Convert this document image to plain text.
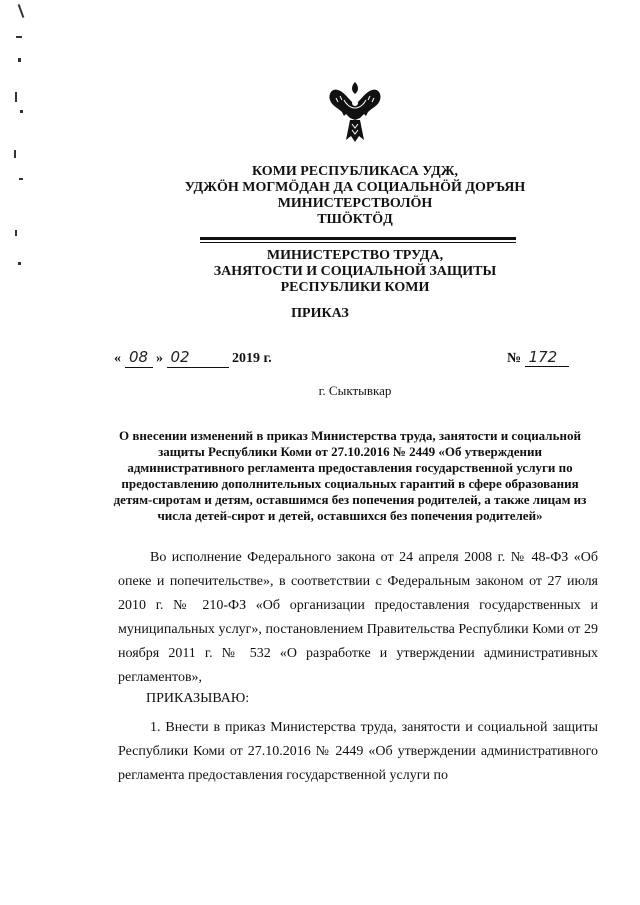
КОМИ РЕСПУБЛИКАСА УДЖ,
УДЖӦН МОГМӦДАН ДА СОЦИАЛЬНӦЙ ДОРЪЯН
МИНИСТЕРСТВОЛӦН
ТШӦКТӦД
МИНИСТЕРСТВО ТРУДА,
ЗАНЯТОСТИ И СОЦИАЛЬНОЙ ЗАЩИТЫ
РЕСПУБЛИКИ КОМИ
ПРИКАЗ
« 08 » 02	2019 г.	№ 172
г. Сыктывкар
О внесении изменений в приказ Министерства труда, занятости и социальной защиты Республики Коми от 27.10.2016 № 2449 «Об утверждении административного регламента предоставления государственной услуги по предоставлению дополнительных социальных гарантий в сфере образования детям-сиротам и детям, оставшимся без попечения родителей, а также лицам из числа детей-сирот и детей, оставшихся без попечения родителей»
Во исполнение Федерального закона от 24 апреля 2008 г. № 48-ФЗ «Об опеке и попечительстве», в соответствии с Федеральным законом от 27 июля 2010 г. № 210-ФЗ «Об организации предоставления государственных и муниципальных услуг», постановлением Правительства Республики Коми от 29 ноября 2011 г. № 532 «О разработке и утверждении административных регламентов»,
ПРИКАЗЫВАЮ:
1. Внести в приказ Министерства труда, занятости и социальной защиты Республики Коми от 27.10.2016 № 2449 «Об утверждении административного регламента предоставления государственной услуги по
